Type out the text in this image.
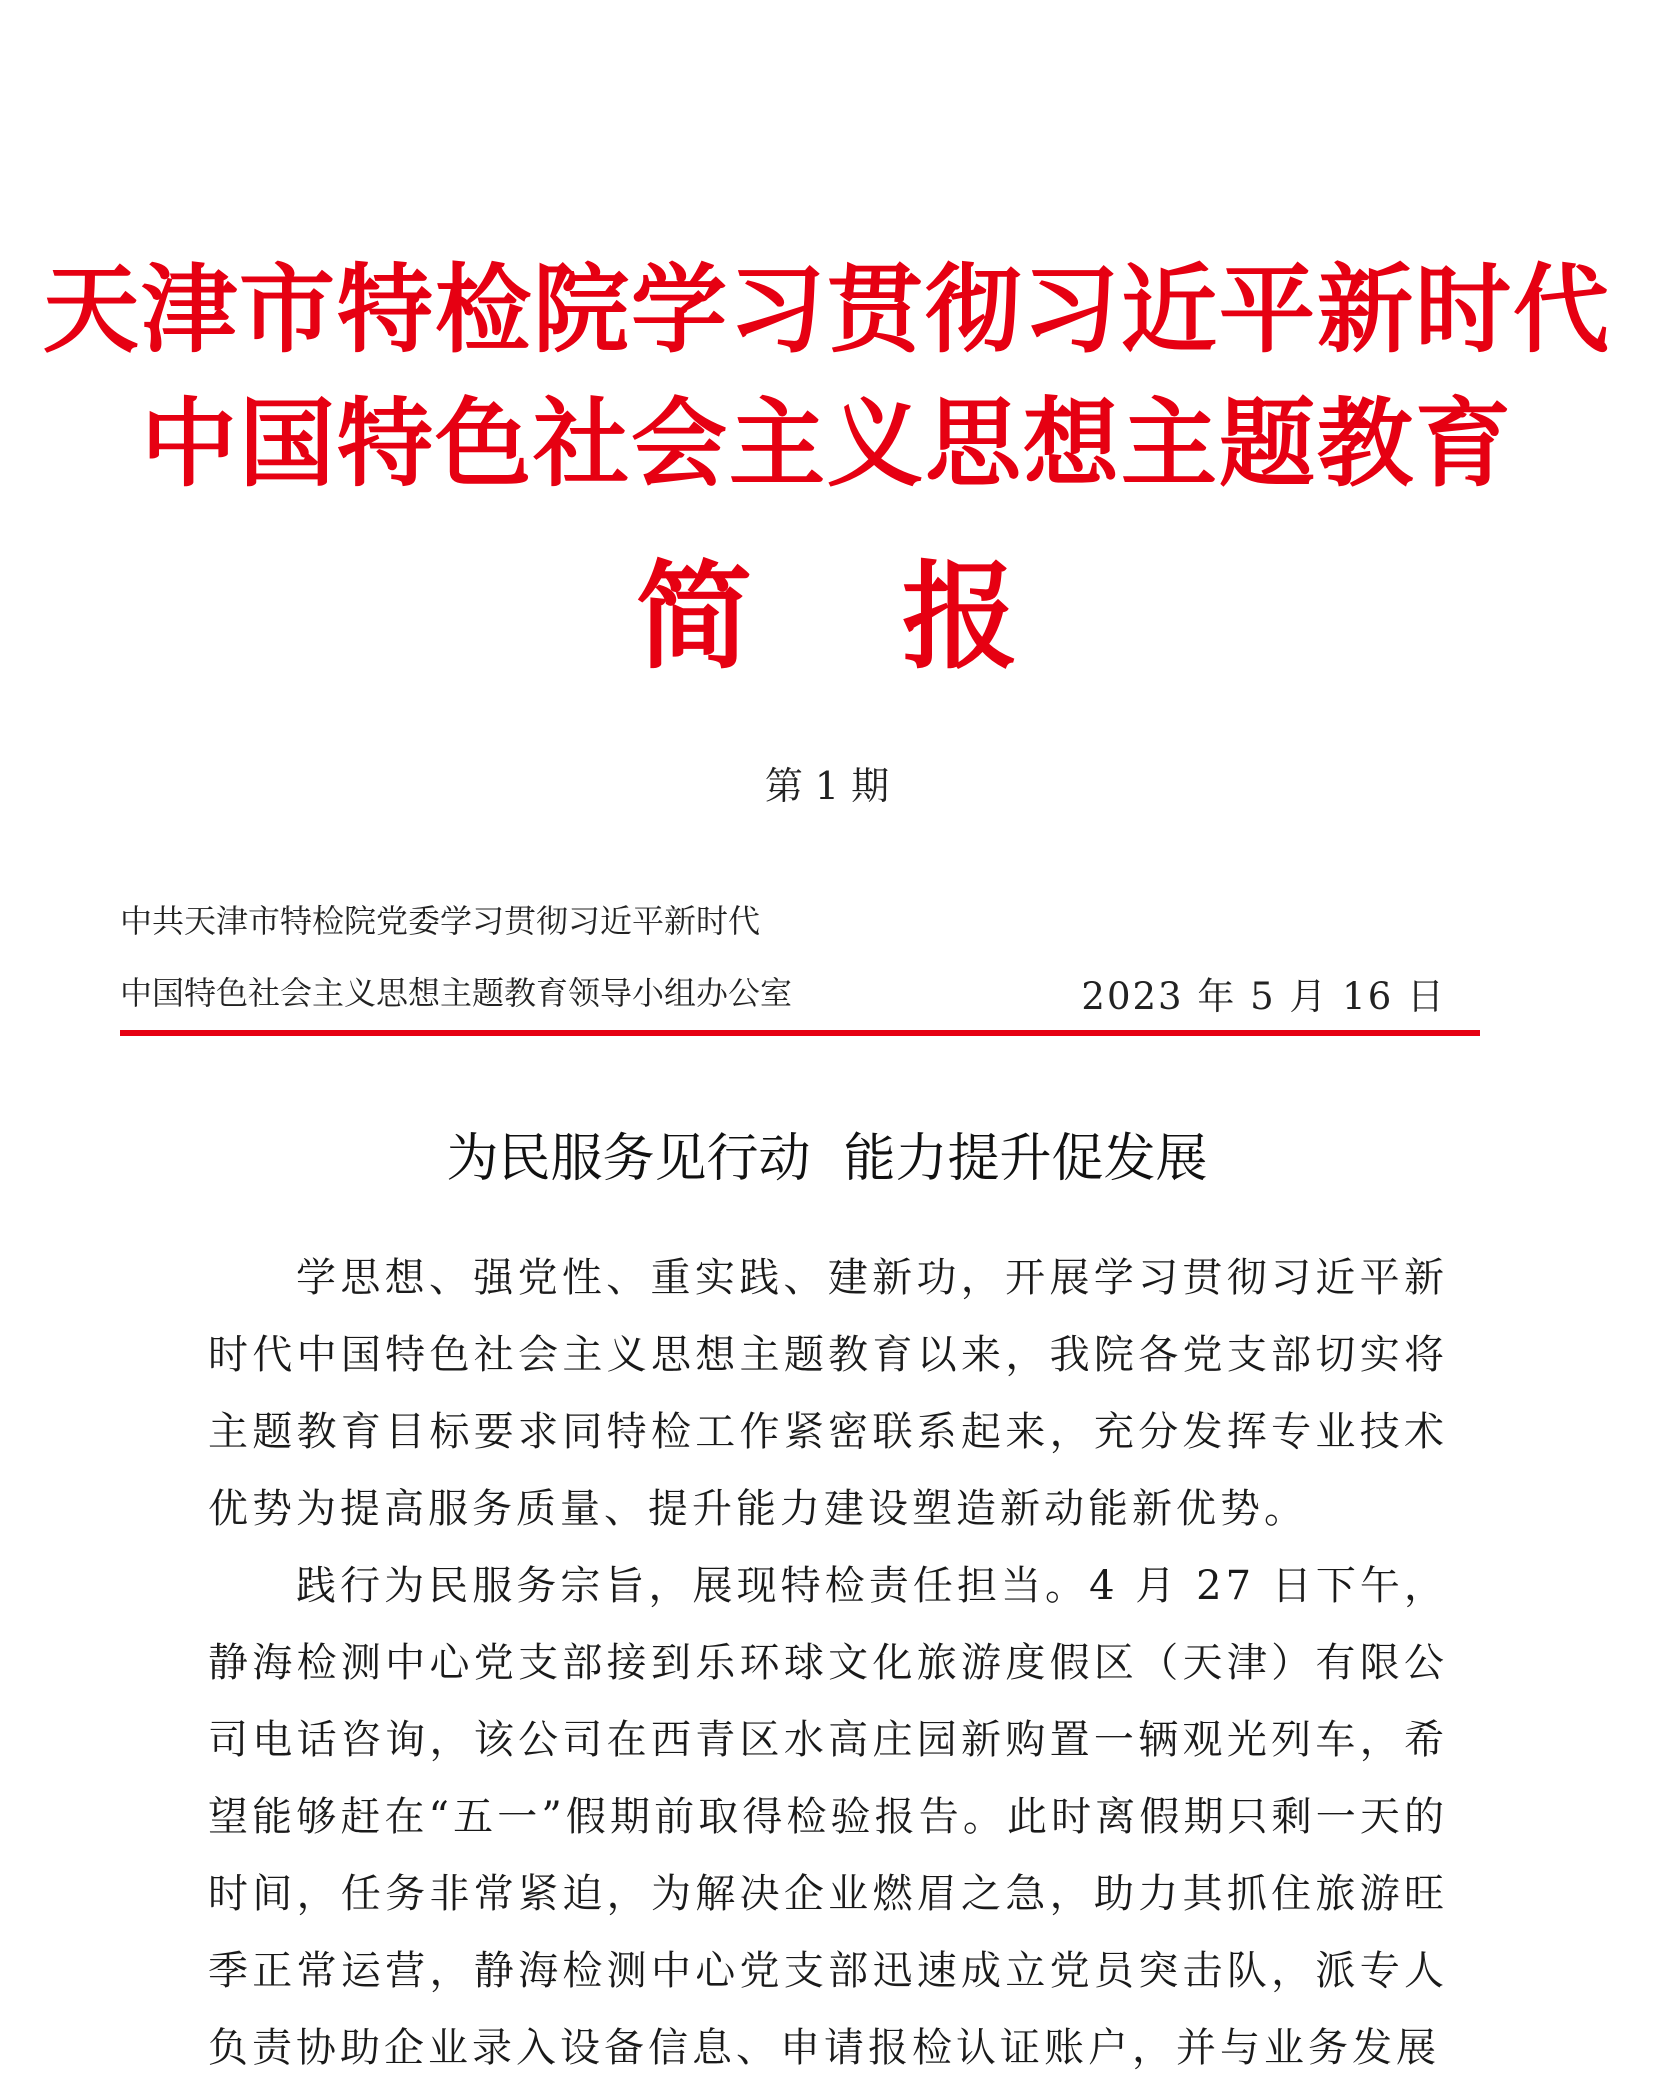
天津市特检院学习贯彻习近平新时代
中国特色社会主义思想主题教育
简 报
第 1 期
中共天津市特检院党委学习贯彻习近平新时代
中国特色社会主义思想主题教育领导小组办公室	2023 年 5 月 16 日
为民服务见行动  能力提升促发展

学思想、强党性、重实践、建新功，开展学习贯彻习近平新时代中国特色社会主义思想主题教育以来，我院各党支部切实将主题教育目标要求同特检工作紧密联系起来，充分发挥专业技术优势为提高服务质量、提升能力建设塑造新动能新优势。

践行为民服务宗旨，展现特检责任担当。4 月 27 日下午，静海检测中心党支部接到乐环球文化旅游度假区（天津）有限公司电话咨询，该公司在西青区水高庄园新购置一辆观光列车，希望能够赶在“五一”假期前取得检验报告。此时离假期只剩一天的时间，任务非常紧迫，为解决企业燃眉之急，助力其抓住旅游旺季正常运营，静海检测中心党支部迅速成立党员突击队，派专人负责协助企业录入设备信息、申请报检认证账户，并与业务发展
